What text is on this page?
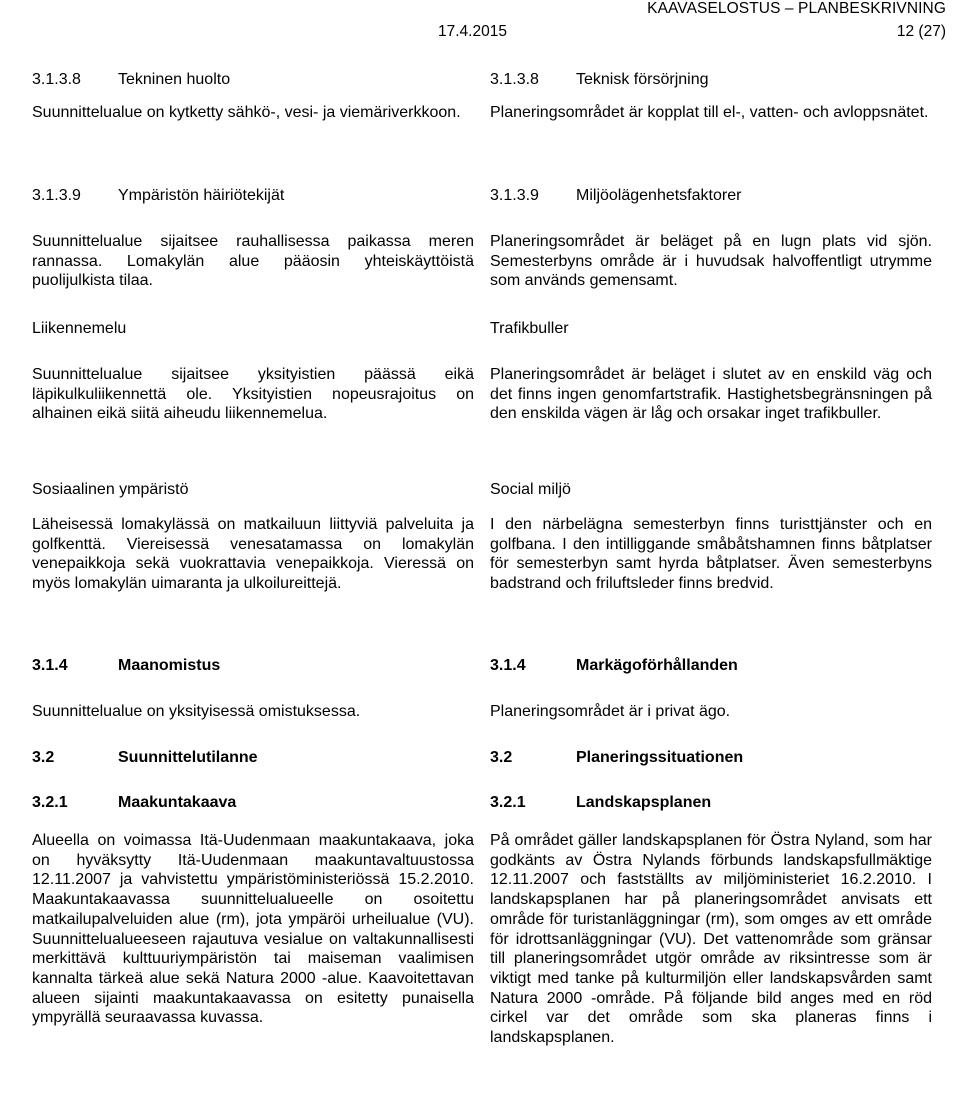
KAAVASELOSTUS – PLANBESKRIVNING
17.4.2015	12 (27)
3.1.3.8	Tekninen huolto

Suunnittelualue on kytketty sähkö-, vesi- ja viemäriverkkoon.

3.1.3.9	Ympäristön häiriötekijät

Suunnittelualue sijaitsee rauhallisessa paikassa meren rannassa. Lomakylän alue pääosin yhteiskäyttöistä puolijulkista tilaa.

Liikennemelu

Suunnittelualue sijaitsee yksityistien päässä eikä läpikulkuliikennettä ole. Yksityistien nopeusrajoitus on alhainen eikä siitä aiheudu liikennemelua.

Sosiaalinen ympäristö

Läheisessä lomakylässä on matkailuun liittyviä palveluita ja golfkenttä. Viereisessä venesatamassa on lomakylän venepaikkoja sekä vuokrattavia venepaikkoja. Vieressä on myös lomakylän uimaranta ja ulkoilureittejä.

3.1.4	Maanomistus

Suunnittelualue on yksityisessä omistuksessa.

3.2	Suunnittelutilanne
3.2.1	Maakuntakaava

Alueella on voimassa Itä-Uudenmaan maakuntakaava, joka on hyväksytty Itä-Uudenmaan maakuntavaltuustossa 12.11.2007 ja vahvistettu ympäristöministeriössä 15.2.2010. Maakuntakaavassa suunnittelualueelle on osoitettu matkailupalveluiden alue (rm), jota ympäröi urheilualue (VU). Suunnittelualueeseen rajautuva vesialue on valtakunnallisesti merkittävä kulttuuriympäristön tai maiseman vaalimisen kannalta tärkeä alue sekä Natura 2000 -alue. Kaavoitettavan alueen sijainti maakuntakaavassa on esitetty punaisella ympyrällä seuraavassa kuvassa.

3.1.3.8	Teknisk försörjning

Planeringsområdet är kopplat till el-, vatten- och avloppsnätet.

3.1.3.9	Miljöolägenhetsfaktorer

Planeringsområdet är beläget på en lugn plats vid sjön. Semesterbyns område är i huvudsak halvoffentligt utrymme som används gemensamt.

Trafikbuller

Planeringsområdet är beläget i slutet av en enskild väg och det finns ingen genomfartstrafik. Hastighetsbegränsningen på den enskilda vägen är låg och orsakar inget trafikbuller.

Social miljö

I den närbelägna semesterbyn finns turisttjänster och en golfbana. I den intilliggande småbåtshamnen finns båtplatser för semesterbyn samt hyrda båtplatser. Även semesterbyns badstrand och friluftsleder finns bredvid.

3.1.4	Markägoförhållanden

Planeringsområdet är i privat ägo.

3.2	Planeringssituationen
3.2.1	Landskapsplanen

På området gäller landskapsplanen för Östra Nyland, som har godkänts av Östra Nylands förbunds landskapsfullmäktige 12.11.2007 och fastställts av miljöministeriet 16.2.2010. I landskapsplanen har på planeringsområdet anvisats ett område för turistanläggningar (rm), som omges av ett område för idrottsanläggningar (VU). Det vattenområde som gränsar till planeringsområdet utgör område av riksintresse som är viktigt med tanke på kulturmiljön eller landskapsvården samt Natura 2000 -område. På följande bild anges med en röd cirkel var det område som ska planeras finns i landskapsplanen.
